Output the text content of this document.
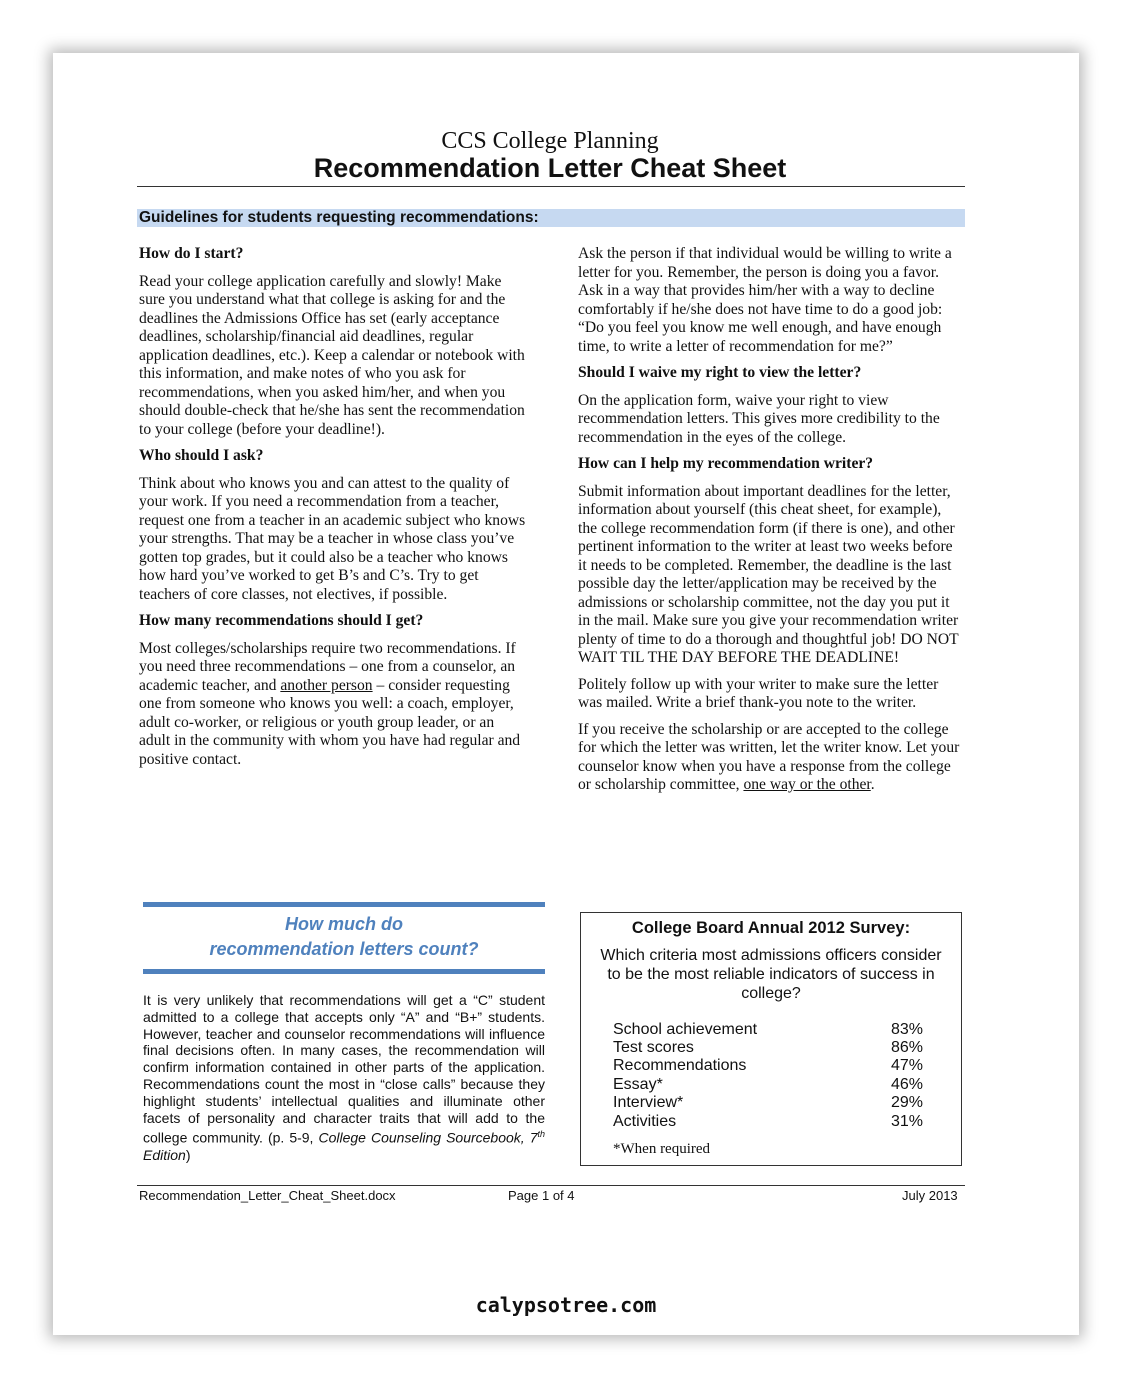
CCS College Planning
Recommendation Letter Cheat Sheet
Guidelines for students requesting recommendations:
How do I start?

Read your college application carefully and slowly! Make sure you understand what that college is asking for and the deadlines the Admissions Office has set (early acceptance deadlines, scholarship/financial aid deadlines, regular application deadlines, etc.). Keep a calendar or notebook with this information, and make notes of who you ask for recommendations, when you asked him/her, and when you should double-check that he/she has sent the recommendation to your college (before your deadline!).

Who should I ask?

Think about who knows you and can attest to the quality of your work. If you need a recommendation from a teacher, request one from a teacher in an academic subject who knows your strengths. That may be a teacher in whose class you’ve gotten top grades, but it could also be a teacher who knows how hard you’ve worked to get B’s and C’s. Try to get teachers of core classes, not electives, if possible.

How many recommendations should I get?

Most colleges/scholarships require two recommendations. If you need three recommendations – one from a counselor, an academic teacher, and another person – consider requesting one from someone who knows you well: a coach, employer, adult co-worker, or religious or youth group leader, or an adult in the community with whom you have had regular and positive contact.

Ask the person if that individual would be willing to write a letter for you. Remember, the person is doing you a favor. Ask in a way that provides him/her with a way to decline comfortably if he/she does not have time to do a good job: “Do you feel you know me well enough, and have enough time, to write a letter of recommendation for me?”

Should I waive my right to view the letter?

On the application form, waive your right to view recommendation letters. This gives more credibility to the recommendation in the eyes of the college.

How can I help my recommendation writer?

Submit information about important deadlines for the letter, information about yourself (this cheat sheet, for example), the college recommendation form (if there is one), and other pertinent information to the writer at least two weeks before it needs to be completed. Remember, the deadline is the last possible day the letter/application may be received by the admissions or scholarship committee, not the day you put it in the mail. Make sure you give your recommendation writer plenty of time to do a thorough and thoughtful job! DO NOT WAIT TIL THE DAY BEFORE THE DEADLINE!

Politely follow up with your writer to make sure the letter was mailed. Write a brief thank-you note to the writer.

If you receive the scholarship or are accepted to the college for which the letter was written, let the writer know. Let your counselor know when you have a response from the college or scholarship committee, one way or the other.

How much do
recommendation letters count?
It is very unlikely that recommendations will get a “C” student admitted to a college that accepts only “A” and “B+” students. However, teacher and counselor recommendations will influence final decisions often. In many cases, the recommendation will confirm information contained in other parts of the application. Recommendations count the most in “close calls” because they highlight students’ intellectual qualities and illuminate other facets of personality and character traits that will add to the college community. (p. 5-9, College Counseling Sourcebook, 7th Edition)
College Board Annual 2012 Survey:
Which criteria most admissions officers consider to be the most reliable indicators of success in college?
School achievement	83%
Test scores	86%
Recommendations	47%
Essay*	46%
Interview*	29%
Activities	31%
*When required
Recommendation_Letter_Cheat_Sheet.docx	Page 1 of 4	July 2013
calypsotree.com
